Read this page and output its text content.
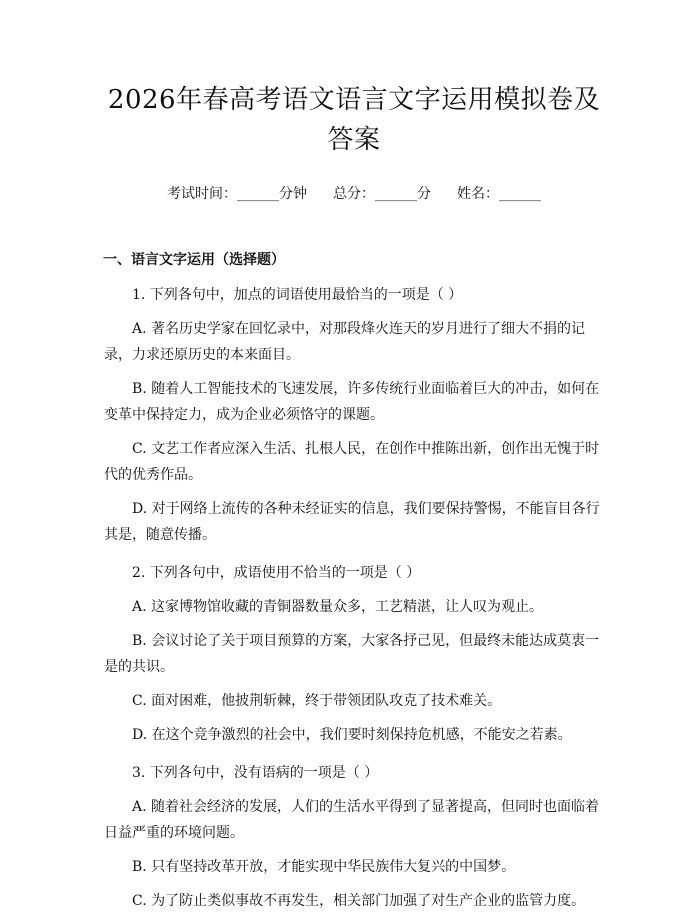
2026年春高考语文语言文字运用模拟卷及答案
考试时间：______分钟 总分：______分 姓名：______
一、语言文字运用（选择题）

1. 下列各句中，加点的词语使用最恰当的一项是（ ）

A. 著名历史学家在回忆录中，对那段烽火连天的岁月进行了细大不捐的记录，力求还原历史的本来面目。

B. 随着人工智能技术的飞速发展，许多传统行业面临着巨大的冲击，如何在变革中保持定力，成为企业必须恪守的课题。

C. 文艺工作者应深入生活、扎根人民，在创作中推陈出新，创作出无愧于时代的优秀作品。

D. 对于网络上流传的各种未经证实的信息，我们要保持警惕，不能盲目各行其是，随意传播。

2. 下列各句中，成语使用不恰当的一项是（ ）

A. 这家博物馆收藏的青铜器数量众多，工艺精湛，让人叹为观止。

B. 会议讨论了关于项目预算的方案，大家各抒己见，但最终未能达成莫衷一是的共识。

C. 面对困难，他披荆斩棘，终于带领团队攻克了技术难关。

D. 在这个竞争激烈的社会中，我们要时刻保持危机感，不能安之若素。

3. 下列各句中，没有语病的一项是（ ）

A. 随着社会经济的发展，人们的生活水平得到了显著提高，但同时也面临着日益严重的环境问题。

B. 只有坚持改革开放，才能实现中华民族伟大复兴的中国梦。

C. 为了防止类似事故不再发生，相关部门加强了对生产企业的监管力度。
